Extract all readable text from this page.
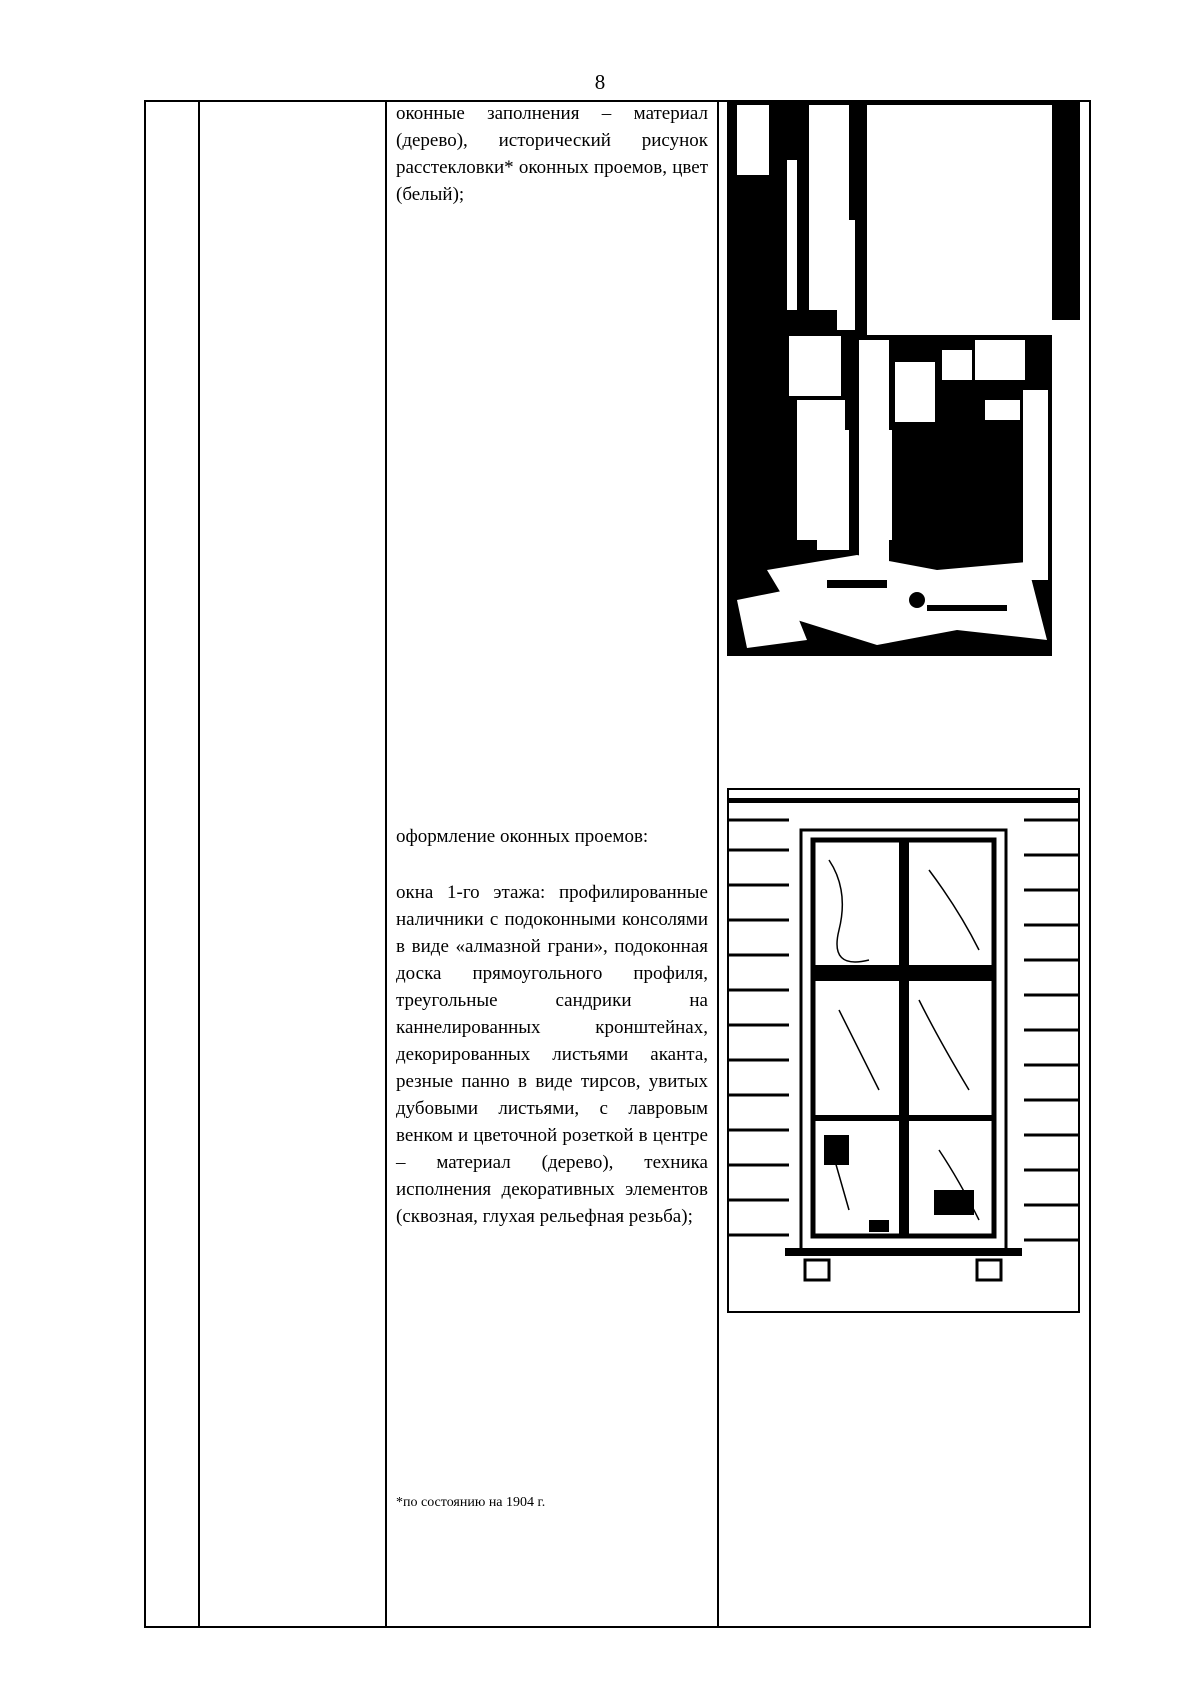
8
оконные заполнения – материал (дерево), исторический рисунок расстекловки* оконных проемов, цвет (белый);
оформление оконных проемов:
окна 1-го этажа: профилированные наличники с подоконными консолями в виде «алмазной грани», подоконная доска прямоугольного профиля, треугольные сандрики на каннелированных кронштейнах, декорированных листьями аканта, резные панно в виде тирсов, увитых дубовыми листьями, с лавровым венком и цветочной розеткой в центре – материал (дерево), техника исполнения декоративных элементов (сквозная, глухая рельефная резьба);
*по состоянию на 1904 г.
